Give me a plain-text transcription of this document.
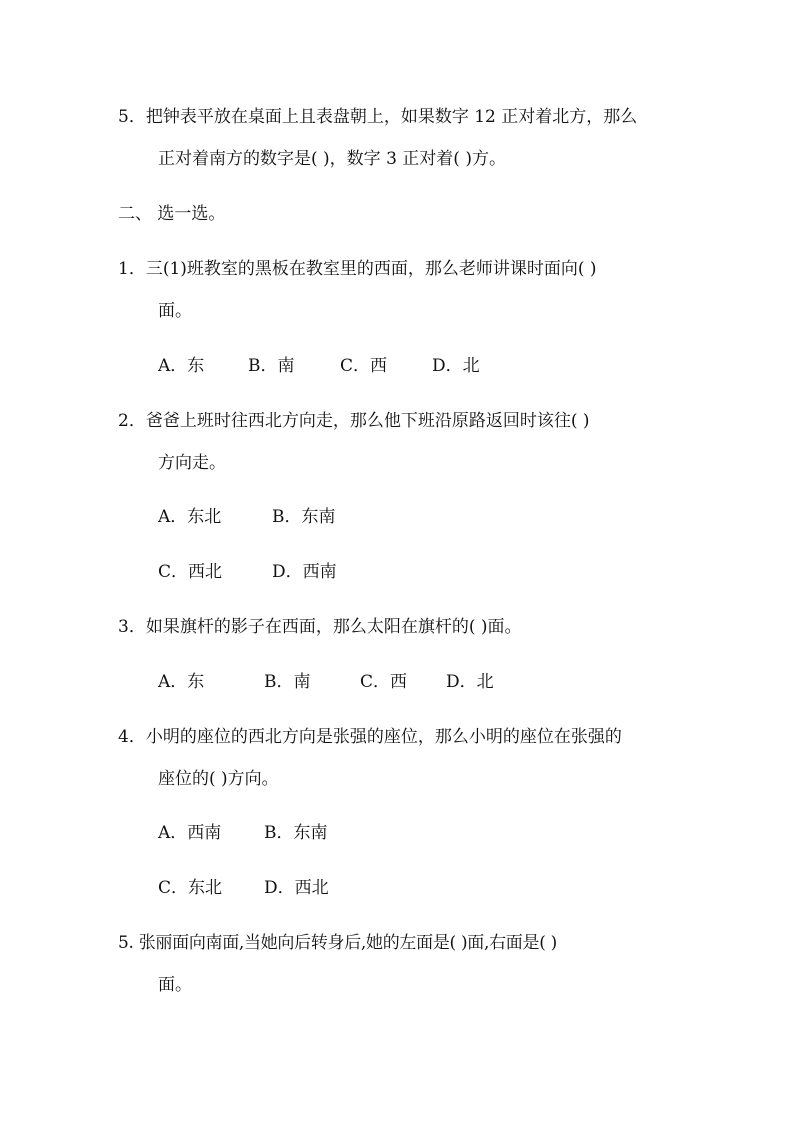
5．把钟表平放在桌面上且表盘朝上，如果数字 12 正对着北方，那么
正对着南方的数字是( )，数字 3 正对着( )方。
二、 选一选。
1．三(1)班教室的黑板在教室里的西面，那么老师讲课时面向( )
面。
A．东	B．南	C．西	D．北
2．爸爸上班时往西北方向走，那么他下班沿原路返回时该往( )
方向走。
A．东北	B．东南
C．西北	D．西南
3．如果旗杆的影子在西面，那么太阳在旗杆的( )面。
A．东	B．南	C．西 D．北
4．小明的座位的西北方向是张强的座位，那么小明的座位在张强的
座位的( )方向。
A．西南	B．东南
C．东北 D．西北
5. 张丽面向南面,当她向后转身后,她的左面是( )面,右面是( )
面。
